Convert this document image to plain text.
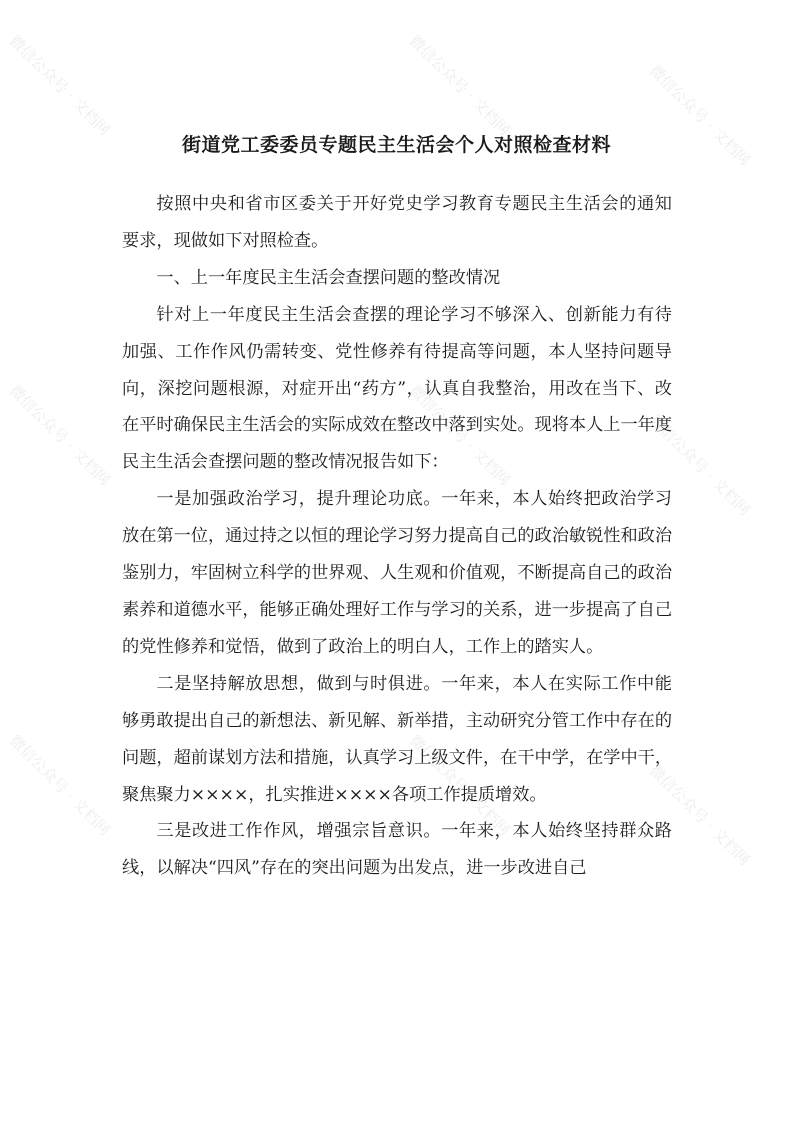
微信公众号 · 文档网	微信公众号 · 文档网	微信公众号 · 文档网
微信公众号 · 文档网	微信公众号 · 文档网	微信公众号 · 文档网
微信公众号 · 文档网	微信公众号 · 文档网	微信公众号 · 文档网
街道党工委委员专题民主生活会个人对照检查材料

按照中央和省市区委关于开好党史学习教育专题民主生活会的通知要求，现做如下对照检查。

一、上一年度民主生活会查摆问题的整改情况

针对上一年度民主生活会查摆的理论学习不够深入、创新能力有待加强、工作作风仍需转变、党性修养有待提高等问题，本人坚持问题导向，深挖问题根源，对症开出“药方”，认真自我整治，用改在当下、改在平时确保民主生活会的实际成效在整改中落到实处。现将本人上一年度民主生活会查摆问题的整改情况报告如下：

一是加强政治学习，提升理论功底。一年来，本人始终把政治学习放在第一位，通过持之以恒的理论学习努力提高自己的政治敏锐性和政治鉴别力，牢固树立科学的世界观、人生观和价值观，不断提高自己的政治素养和道德水平，能够正确处理好工作与学习的关系，进一步提高了自己的党性修养和觉悟，做到了政治上的明白人，工作上的踏实人。

二是坚持解放思想，做到与时俱进。一年来，本人在实际工作中能够勇敢提出自己的新想法、新见解、新举措，主动研究分管工作中存在的问题，超前谋划方法和措施，认真学习上级文件，在干中学，在学中干，聚焦聚力××××，扎实推进××××各项工作提质增效。

三是改进工作作风，增强宗旨意识。一年来，本人始终坚持群众路线，以解决“四风”存在的突出问题为出发点，进一步改进自己
